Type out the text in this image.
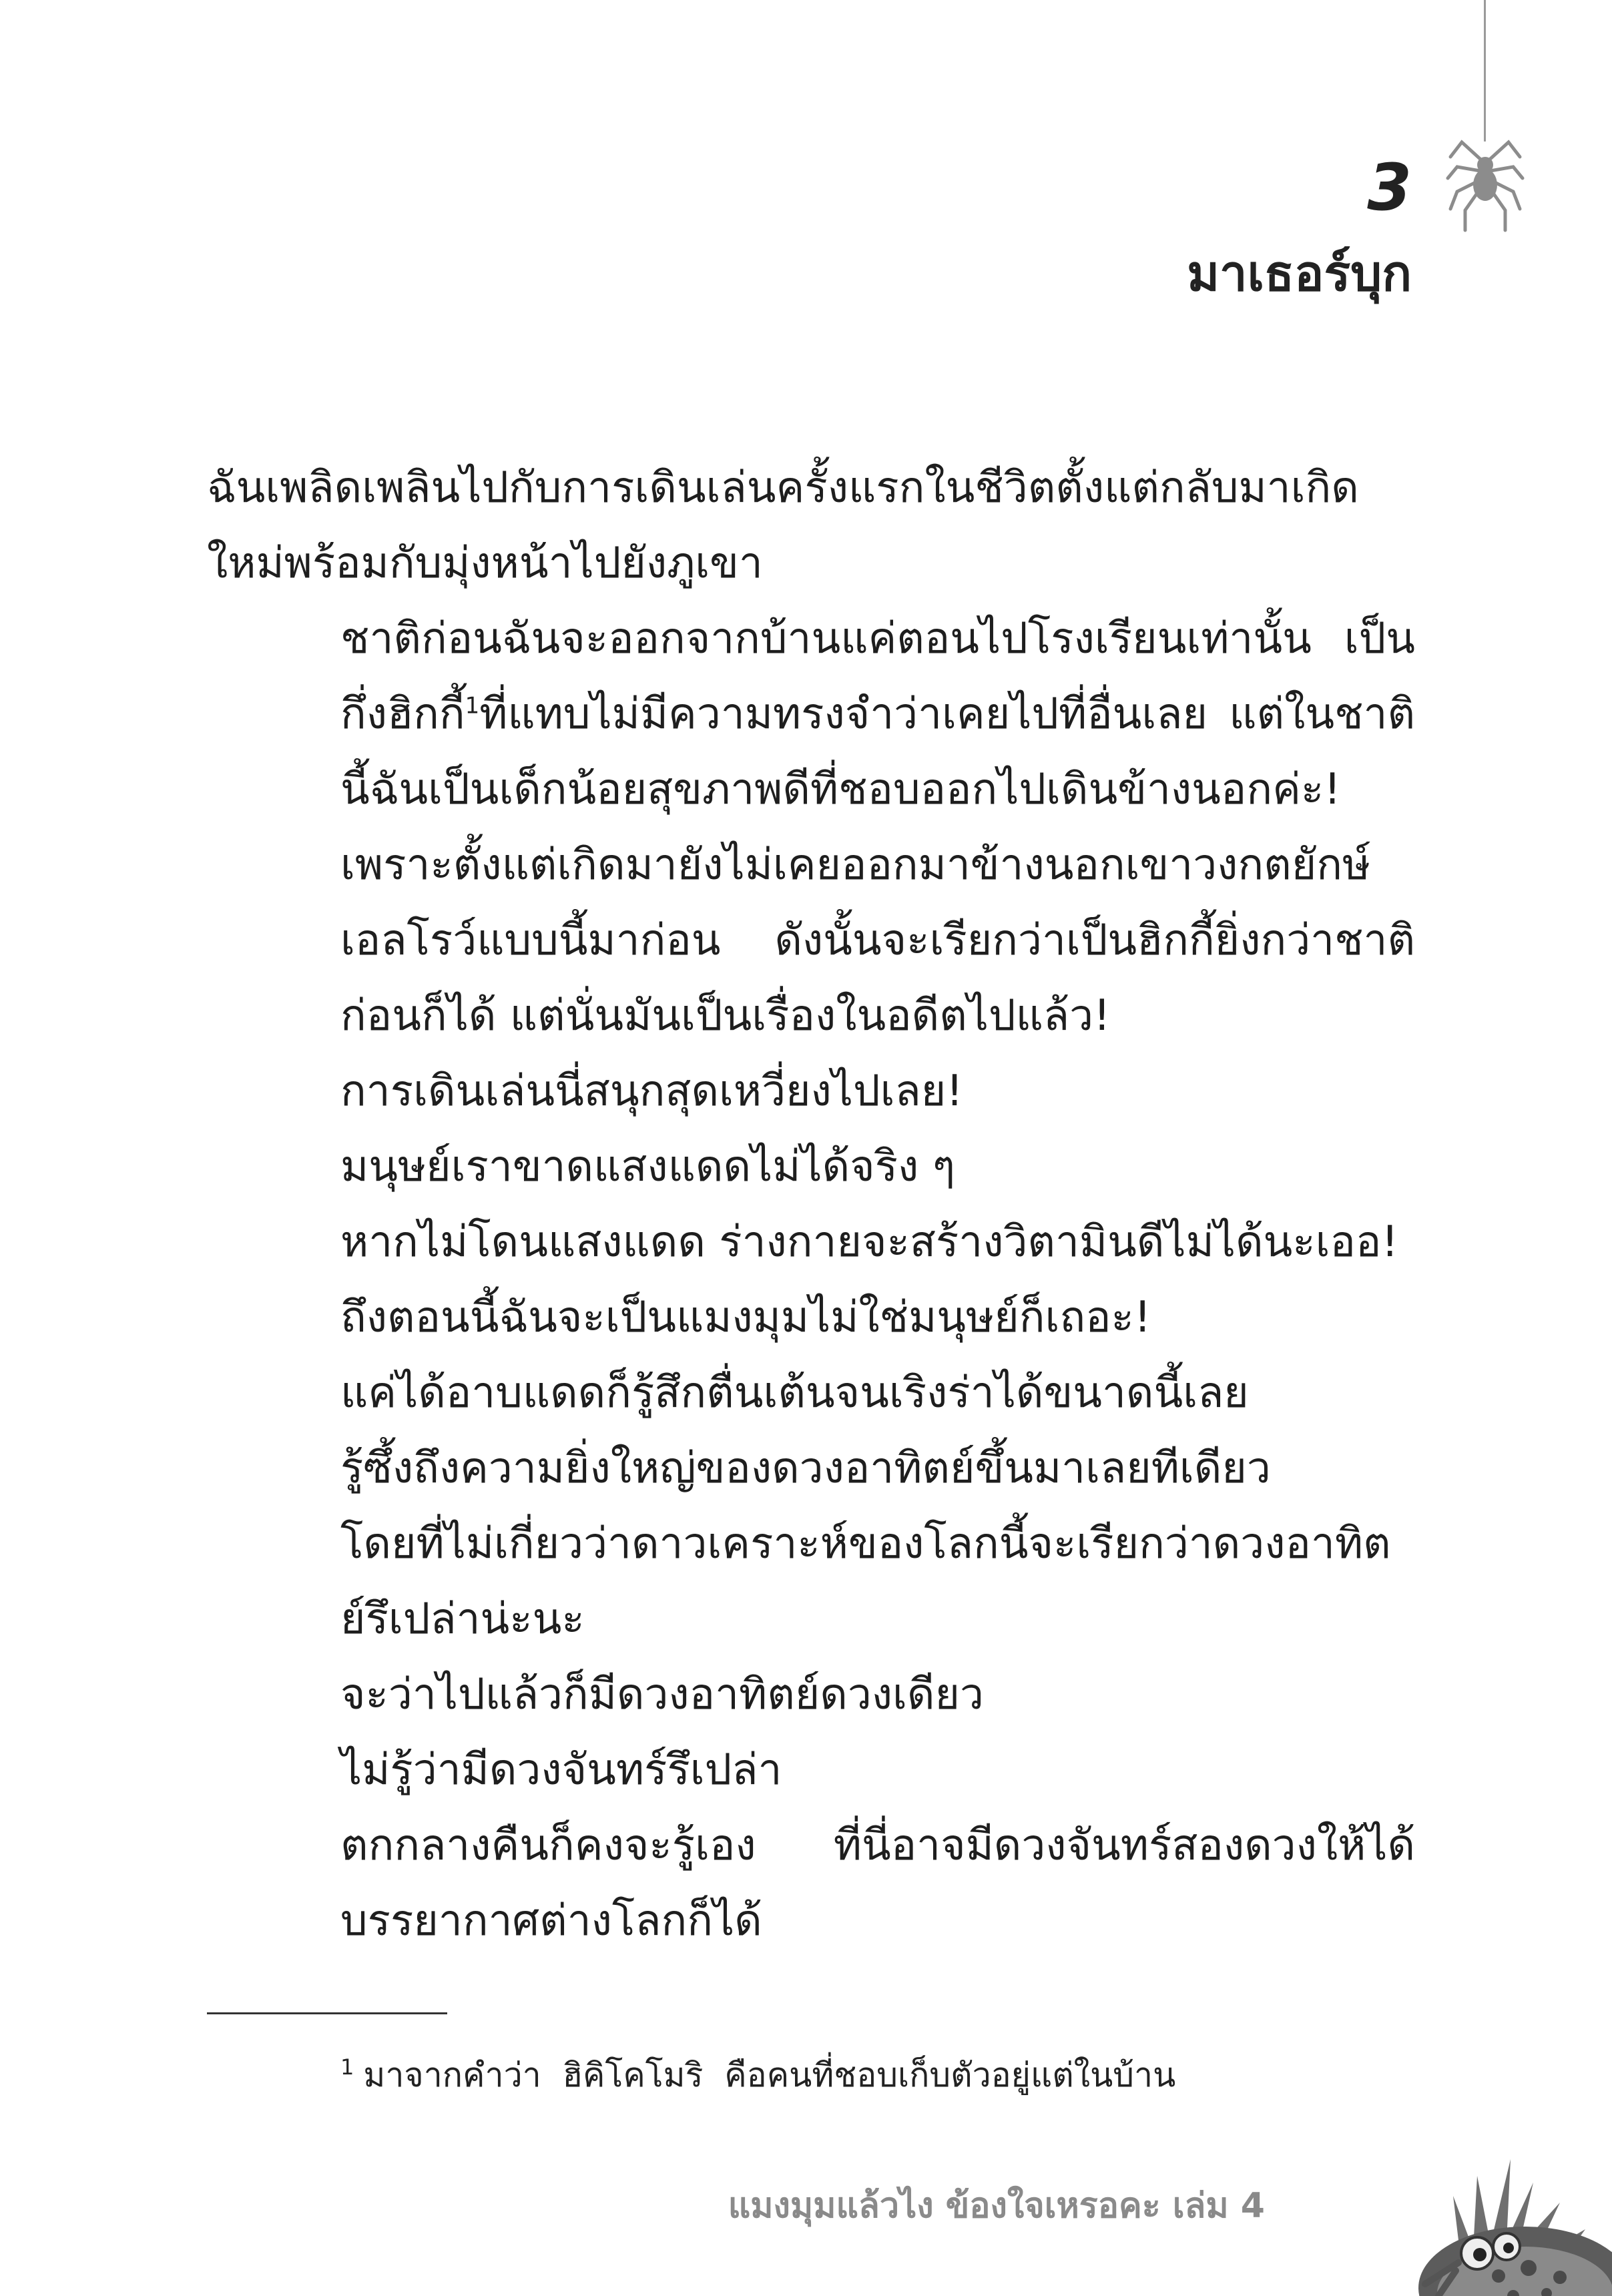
3
มาเธอร์บุก

ฉันเพลิดเพลินไปกับการเดินเล่นครั้งแรกในชีวิตตั้งแต่กลับมาเกิดใหม่พร้อมกับมุ่งหน้าไปยังภูเขา

ชาติก่อนฉันจะออกจากบ้านแค่ตอนไปโรงเรียนเท่านั้น เป็นกึ่งฮิกกี้$^1$ที่แทบไม่มีความทรงจำว่าเคยไปที่อื่นเลย แต่ในชาตินี้ฉันเป็นเด็กน้อยสุขภาพดีที่ชอบออกไปเดินข้างนอกค่ะ!

เพราะตั้งแต่เกิดมายังไม่เคยออกมาข้างนอกเขาวงกตยักษ์เอลโรว์แบบนี้มาก่อน ดังนั้นจะเรียกว่าเป็นฮิกกี้ยิ่งกว่าชาติก่อนก็ได้ แต่นั่นมันเป็นเรื่องในอดีตไปแล้ว!

การเดินเล่นนี่สนุกสุดเหวี่ยงไปเลย!

มนุษย์เราขาดแสงแดดไม่ได้จริง ๆ

หากไม่โดนแสงแดด ร่างกายจะสร้างวิตามินดีไม่ได้นะเออ!

ถึงตอนนี้ฉันจะเป็นแมงมุมไม่ใช่มนุษย์ก็เถอะ!

แค่ได้อาบแดดก็รู้สึกตื่นเต้นจนเริงร่าได้ขนาดนี้เลย

รู้ซึ้งถึงความยิ่งใหญ่ของดวงอาทิตย์ขึ้นมาเลยทีเดียว

โดยที่ไม่เกี่ยวว่าดาวเคราะห์ของโลกนี้จะเรียกว่าดวงอาทิตย์รึเปล่าน่ะนะ

จะว่าไปแล้วก็มีดวงอาทิตย์ดวงเดียว

ไม่รู้ว่ามีดวงจันทร์รึเปล่า

ตกกลางคืนก็คงจะรู้เอง ที่นี่อาจมีดวงจันทร์สองดวงให้ได้บรรยากาศต่างโลกก็ได้

$^1$ มาจากคำว่า  ฮิคิโคโมริ  คือคนที่ชอบเก็บตัวอยู่แต่ในบ้าน
แมงมุมแล้วไง ข้องใจเหรอคะ เล่ม 4
